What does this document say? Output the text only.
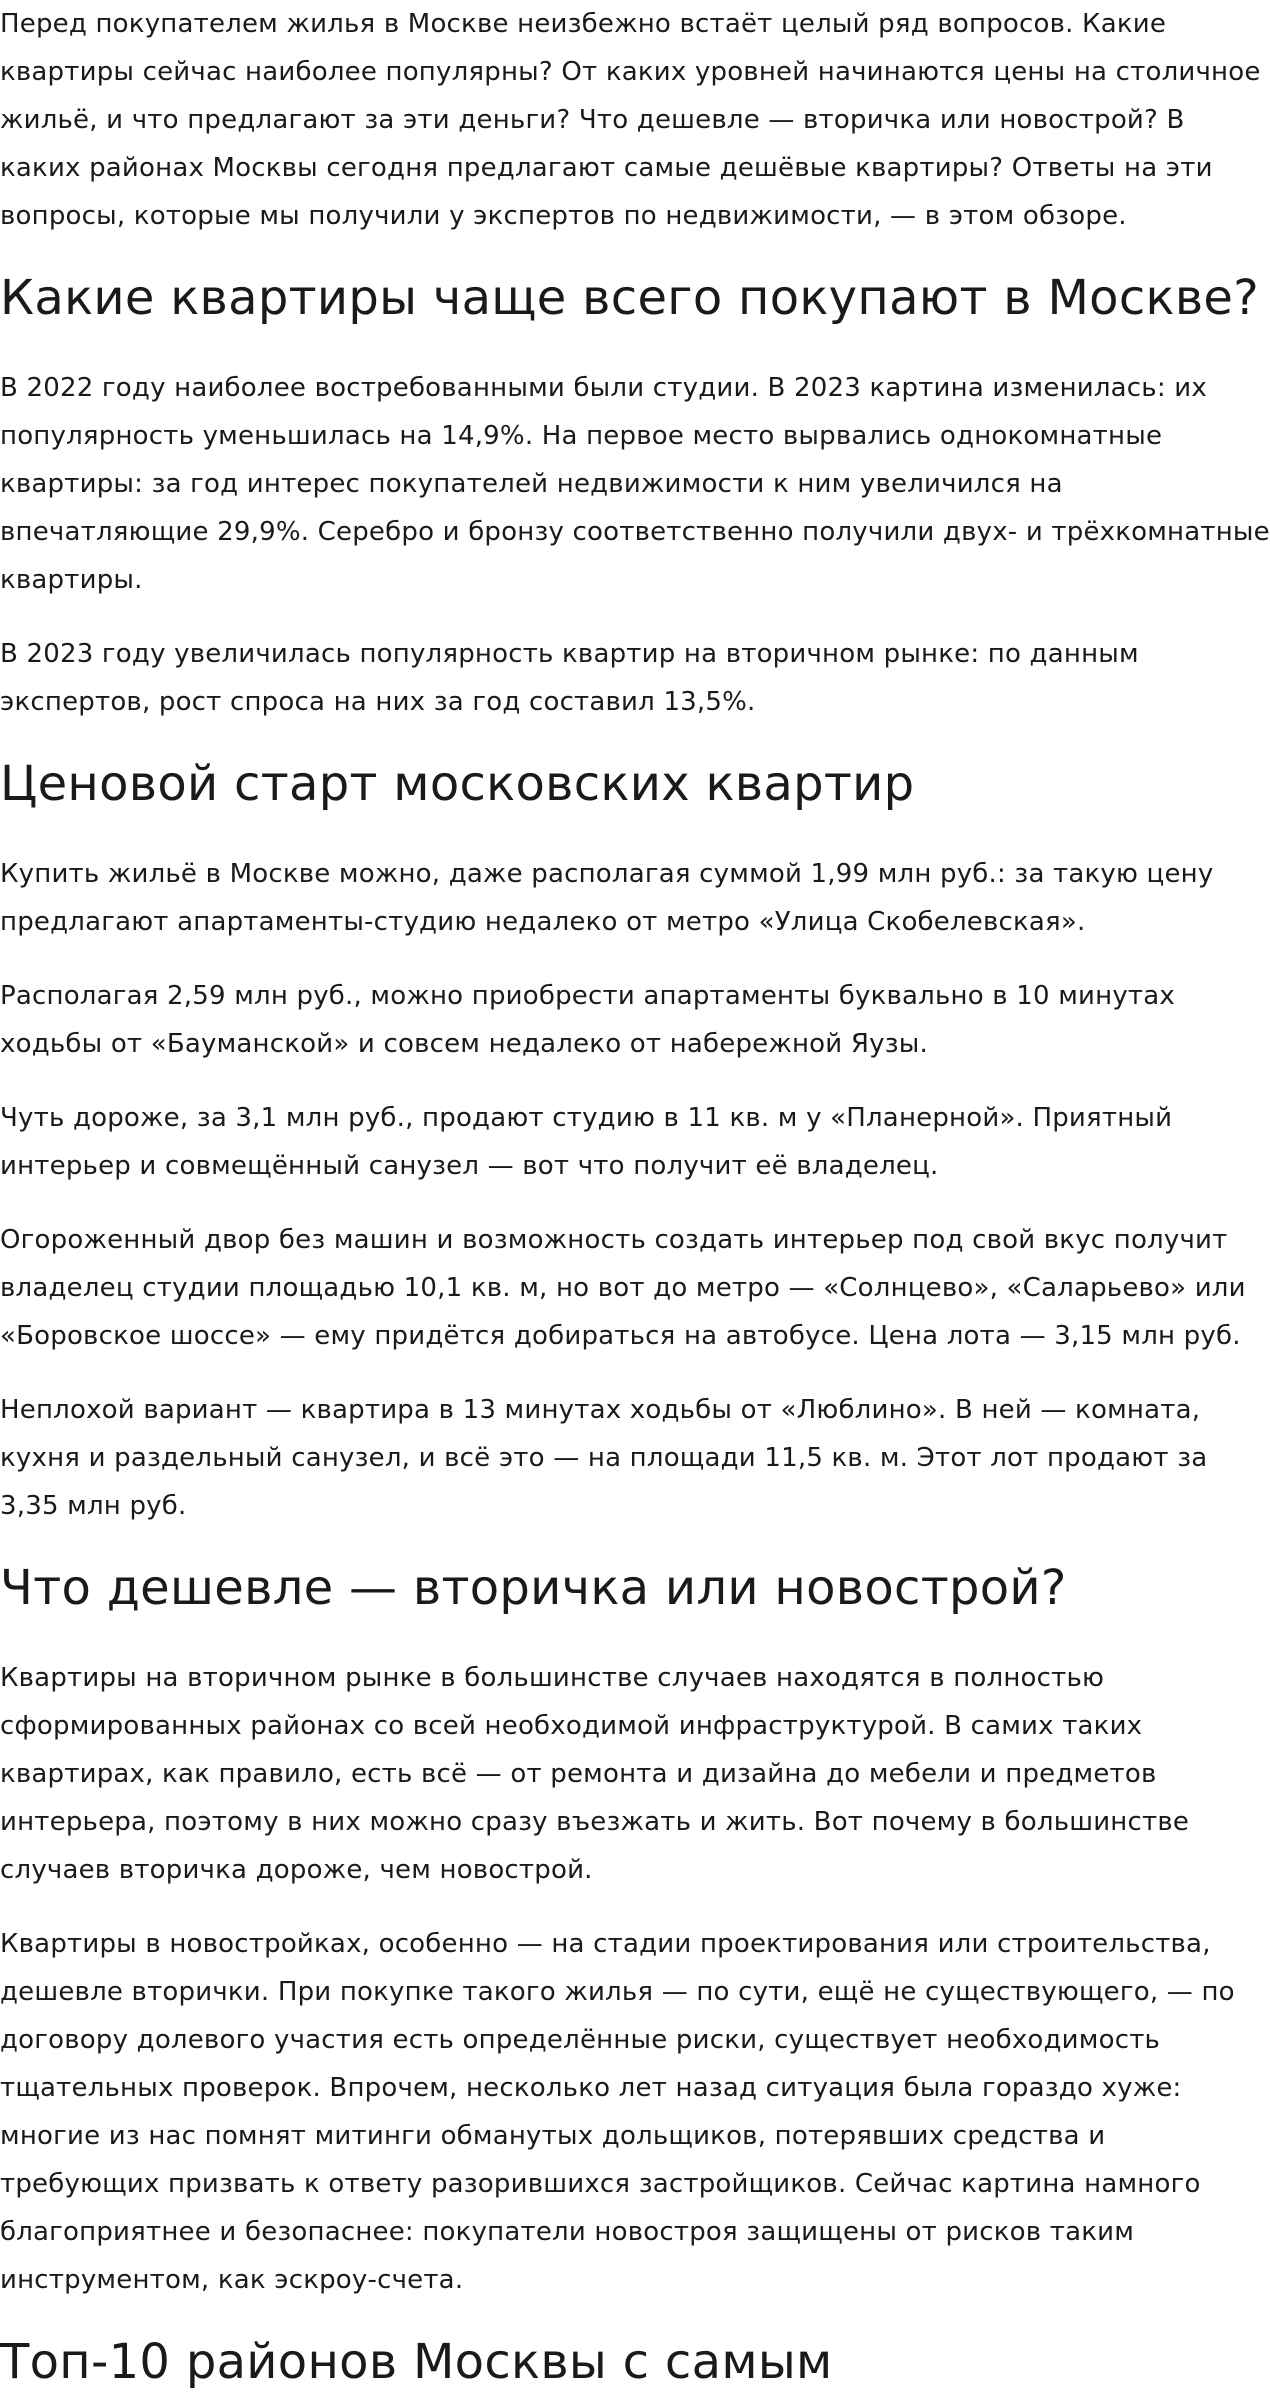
Перед покупателем жилья в Москве неизбежно встаёт целый ряд вопросов. Какие квартиры сейчас наиболее популярны? От каких уровней начинаются цены на столичное жильё, и что предлагают за эти деньги? Что дешевле — вторичка или новострой? В каких районах Москвы сегодня предлагают самые дешёвые квартиры? Ответы на эти вопросы, которые мы получили у экспертов по недвижимости, — в этом обзоре.

Какие квартиры чаще всего покупают в Москве?

В 2022 году наиболее востребованными были студии. В 2023 картина изменилась: их популярность уменьшилась на 14,9%. На первое место вырвались однокомнатные квартиры: за год интерес покупателей недвижимости к ним увеличился на впечатляющие 29,9%. Серебро и бронзу соответственно получили двух- и трёхкомнатные квартиры.

В 2023 году увеличилась популярность квартир на вторичном рынке: по данным экспертов, рост спроса на них за год составил 13,5%.

Ценовой старт московских квартир

Купить жильё в Москве можно, даже располагая суммой 1,99 млн руб.: за такую цену предлагают апартаменты-студию недалеко от метро «Улица Скобелевская».

Располагая 2,59 млн руб., можно приобрести апартаменты буквально в 10 минутах ходьбы от «Бауманской» и совсем недалеко от набережной Яузы.

Чуть дороже, за 3,1 млн руб., продают студию в 11 кв. м у «Планерной». Приятный интерьер и совмещённый санузел — вот что получит её владелец.

Огороженный двор без машин и возможность создать интерьер под свой вкус получит владелец студии площадью 10,1 кв. м, но вот до метро — «Солнцево», «Саларьево» или «Боровское шоссе» — ему придётся добираться на автобусе. Цена лота — 3,15 млн руб.

Неплохой вариант — квартира в 13 минутах ходьбы от «Люблино». В ней — комната, кухня и раздельный санузел, и всё это — на площади 11,5 кв. м. Этот лот продают за 3,35 млн руб.

Что дешевле — вторичка или новострой?

Квартиры на вторичном рынке в большинстве случаев находятся в полностью сформированных районах со всей необходимой инфраструктурой. В самих таких квартирах, как правило, есть всё — от ремонта и дизайна до мебели и предметов интерьера, поэтому в них можно сразу въезжать и жить. Вот почему в большинстве случаев вторичка дороже, чем новострой.

Квартиры в новостройках, особенно — на стадии проектирования или строительства, дешевле вторички. При покупке такого жилья — по сути, ещё не существующего, — по договору долевого участия есть определённые риски, существует необходимость тщательных проверок. Впрочем, несколько лет назад ситуация была гораздо хуже: многие из нас помнят митинги обманутых дольщиков, потерявших средства и требующих призвать к ответу разорившихся застройщиков. Сейчас картина намного благоприятнее и безопаснее: покупатели новостроя защищены от рисков таким инструментом, как эскроу-счета.

Топ-10 районов Москвы с самым
